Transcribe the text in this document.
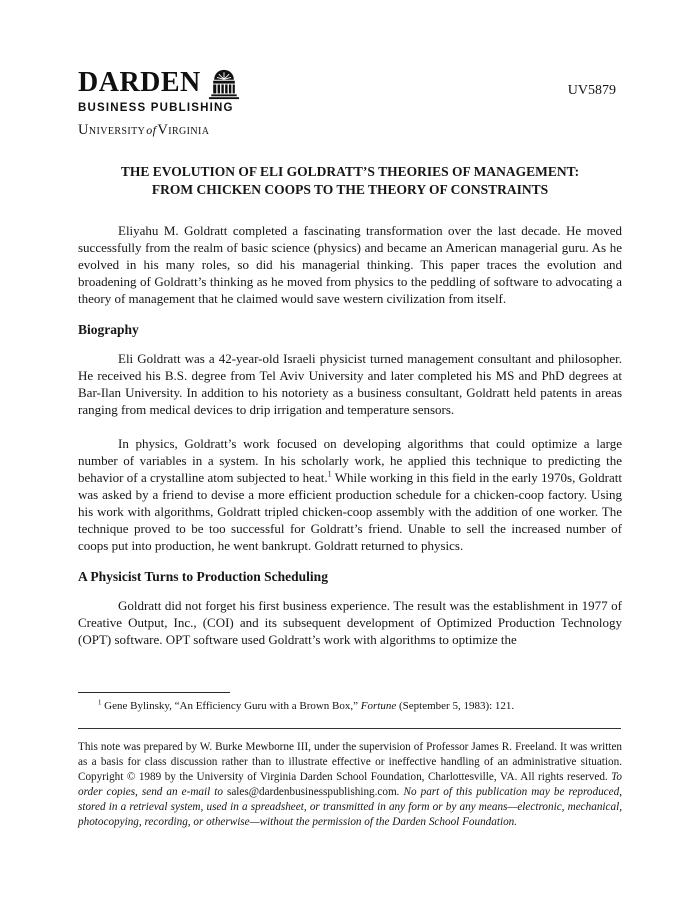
DARDEN
BUSINESS PUBLISHING
UniversityofVirginia
UV5879
THE EVOLUTION OF ELI GOLDRATT’S THEORIES OF MANAGEMENT:
FROM CHICKEN COOPS TO THE THEORY OF CONSTRAINTS

Eliyahu M. Goldratt completed a fascinating transformation over the last decade. He moved successfully from the realm of basic science (physics) and became an American managerial guru. As he evolved in his many roles, so did his managerial thinking. This paper traces the evolution and broadening of Goldratt’s thinking as he moved from physics to the peddling of software to advocating a theory of management that he claimed would save western civilization from itself.

Biography

Eli Goldratt was a 42-year-old Israeli physicist turned management consultant and philosopher. He received his B.S. degree from Tel Aviv University and later completed his MS and PhD degrees at Bar-Ilan University. In addition to his notoriety as a business consultant, Goldratt held patents in areas ranging from medical devices to drip irrigation and temperature sensors.

In physics, Goldratt’s work focused on developing algorithms that could optimize a large number of variables in a system. In his scholarly work, he applied this technique to predicting the behavior of a crystalline atom subjected to heat.$^1$ While working in this field in the early 1970s, Goldratt was asked by a friend to devise a more efficient production schedule for a chicken-coop factory. Using his work with algorithms, Goldratt tripled chicken-coop assembly with the addition of one worker. The technique proved to be too successful for Goldratt’s friend. Unable to sell the increased number of coops put into production, he went bankrupt. Goldratt returned to physics.

A Physicist Turns to Production Scheduling

Goldratt did not forget his first business experience. The result was the establishment in 1977 of Creative Output, Inc., (COI) and its subsequent development of Optimized Production Technology (OPT) software. OPT software used Goldratt’s work with algorithms to optimize the

$^1$ Gene Bylinsky, “An Efficiency Guru with a Brown Box,” Fortune (September 5, 1983): 121.

This note was prepared by W. Burke Mewborne III, under the supervision of Professor James R. Freeland. It was written as a basis for class discussion rather than to illustrate effective or ineffective handling of an administrative situation. Copyright © 1989 by the University of Virginia Darden School Foundation, Charlottesville, VA. All rights reserved. To order copies, send an e-mail to sales@dardenbusinesspublishing.com. No part of this publication may be reproduced, stored in a retrieval system, used in a spreadsheet, or transmitted in any form or by any means—electronic, mechanical, photocopying, recording, or otherwise—without the permission of the Darden School Foundation.
